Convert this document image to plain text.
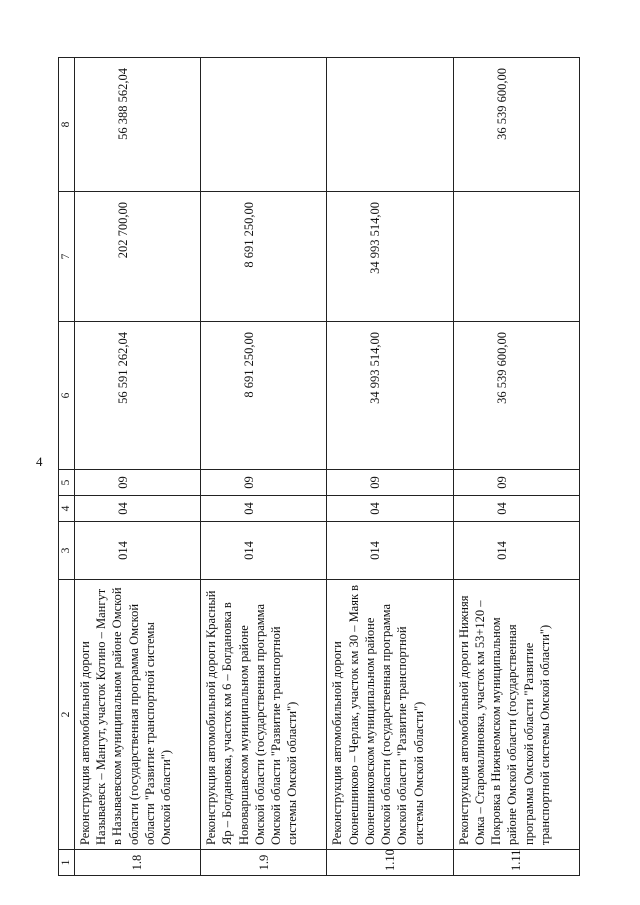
4
1	2	3	4	5	6	7	8
1.8	Реконструкция автомобильной дороги Называевск – Мангут, участок Котино – Мангут в Называевском муниципальном районе Омской области (государственная программа Омской области "Развитие транспортной системы Омской области")	014	04	09	56 591 262,04	202 700,00	56 388 562,04
1.9	Реконструкция автомобильной дороги Красный Яр – Богдановка, участок км 6 – Богдановка в Нововаршавском муниципальном районе Омской области (государственная программа Омской области "Развитие транспортной системы Омской области")	014	04	09	8 691 250,00	8 691 250,00	
1.10	Реконструкция автомобильной дороги Оконешниково – Черлак, участок км 30 – Маяк в Оконешниковском муниципальном районе Омской области (государственная программа Омской области "Развитие транспортной системы Омской области")	014	04	09	34 993 514,00	34 993 514,00	
1.11	Реконструкция автомобильной дороги Нижняя Омка – Старомалиновка, участок км 53+120 – Покровка в Нижнеомском муниципальном районе Омской области (государственная программа Омской области "Развитие транспортной системы Омской области")	014	04	09	36 539 600,00		36 539 600,00
